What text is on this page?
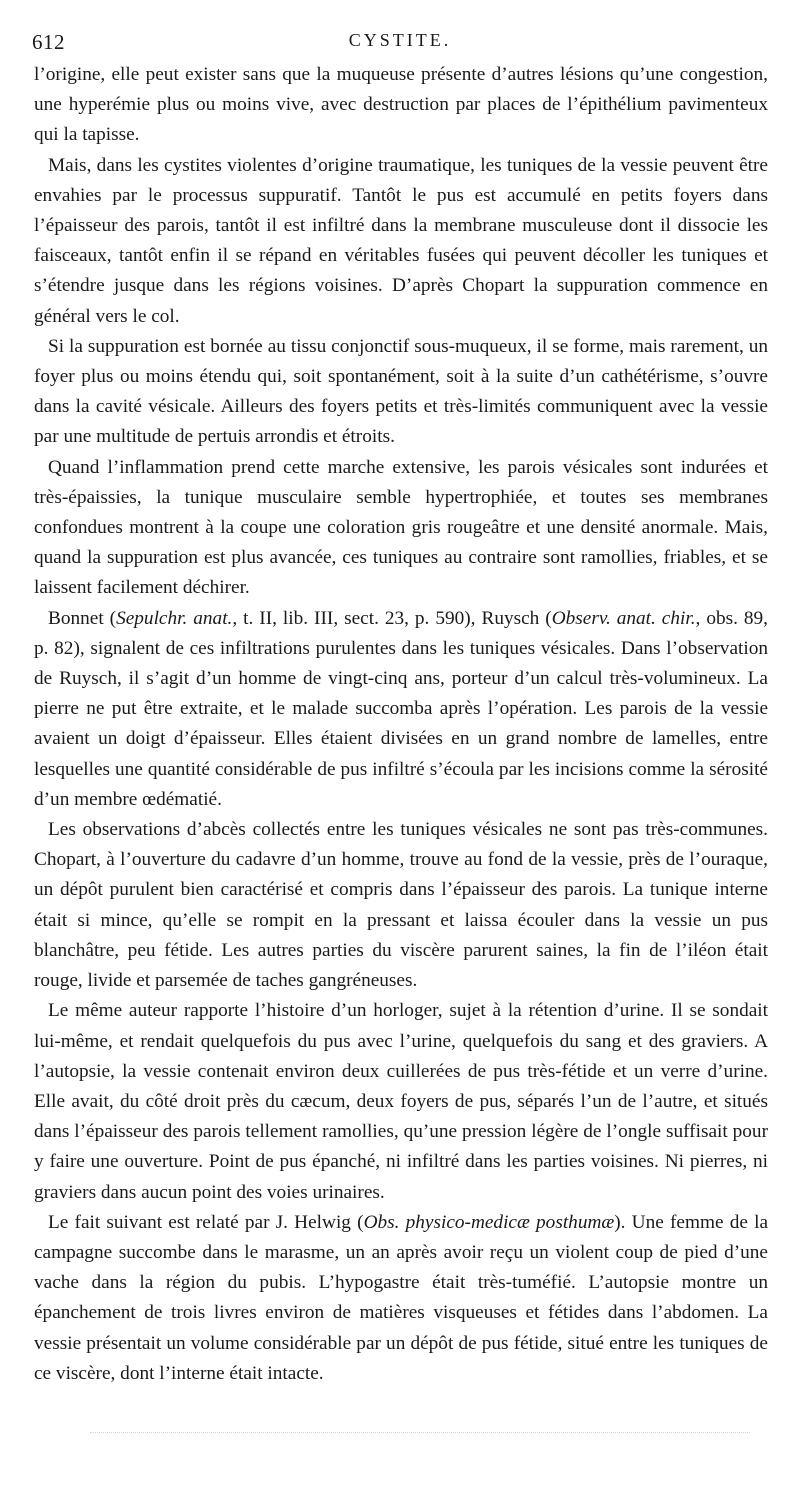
612	CYSTITE.

l’origine, elle peut exister sans que la muqueuse présente d’autres lésions qu’une congestion, une hyperémie plus ou moins vive, avec destruction par places de l’épithélium pavimenteux qui la tapisse.

Mais, dans les cystites violentes d’origine traumatique, les tuniques de la vessie peuvent être envahies par le processus suppuratif. Tantôt le pus est accumulé en petits foyers dans l’épaisseur des parois, tantôt il est infiltré dans la membrane musculeuse dont il dissocie les faisceaux, tantôt enfin il se répand en véritables fusées qui peuvent décoller les tuniques et s’étendre jusque dans les régions voisines. D’après Chopart la suppuration commence en général vers le col.

Si la suppuration est bornée au tissu conjonctif sous-muqueux, il se forme, mais rarement, un foyer plus ou moins étendu qui, soit spontanément, soit à la suite d’un cathétérisme, s’ouvre dans la cavité vésicale. Ailleurs des foyers petits et très-limités communiquent avec la vessie par une multitude de pertuis arrondis et étroits.

Quand l’inflammation prend cette marche extensive, les parois vésicales sont indurées et très-épaissies, la tunique musculaire semble hypertrophiée, et toutes ses membranes confondues montrent à la coupe une coloration gris rougeâtre et une densité anormale. Mais, quand la suppuration est plus avancée, ces tuniques au contraire sont ramollies, friables, et se laissent facilement déchirer.

Bonnet (Sepulchr. anat., t. II, lib. III, sect. 23, p. 590), Ruysch (Observ. anat. chir., obs. 89, p. 82), signalent de ces infiltrations purulentes dans les tuniques vésicales. Dans l’observation de Ruysch, il s’agit d’un homme de vingt-cinq ans, porteur d’un calcul très-volumineux. La pierre ne put être extraite, et le malade succomba après l’opération. Les parois de la vessie avaient un doigt d’épaisseur. Elles étaient divisées en un grand nombre de lamelles, entre lesquelles une quantité considérable de pus infiltré s’écoula par les incisions comme la sérosité d’un membre œdématié.

Les observations d’abcès collectés entre les tuniques vésicales ne sont pas très-communes. Chopart, à l’ouverture du cadavre d’un homme, trouve au fond de la vessie, près de l’ouraque, un dépôt purulent bien caractérisé et compris dans l’épaisseur des parois. La tunique interne était si mince, qu’elle se rompit en la pressant et laissa écouler dans la vessie un pus blanchâtre, peu fétide. Les autres parties du viscère parurent saines, la fin de l’iléon était rouge, livide et parsemée de taches gangréneuses.

Le même auteur rapporte l’histoire d’un horloger, sujet à la rétention d’urine. Il se sondait lui-même, et rendait quelquefois du pus avec l’urine, quelquefois du sang et des graviers. A l’autopsie, la vessie contenait environ deux cuillerées de pus très-fétide et un verre d’urine. Elle avait, du côté droit près du cæcum, deux foyers de pus, séparés l’un de l’autre, et situés dans l’épaisseur des parois tellement ramollies, qu’une pression légère de l’ongle suffisait pour y faire une ouverture. Point de pus épanché, ni infiltré dans les parties voisines. Ni pierres, ni graviers dans aucun point des voies urinaires.

Le fait suivant est relaté par J. Helwig (Obs. physico-medicæ posthumæ). Une femme de la campagne succombe dans le marasme, un an après avoir reçu un violent coup de pied d’une vache dans la région du pubis. L’hypogastre était très-tuméfié. L’autopsie montre un épanchement de trois livres environ de matières visqueuses et fétides dans l’abdomen. La vessie présentait un volume considérable par un dépôt de pus fétide, situé entre les tuniques de ce viscère, dont l’interne était intacte.
